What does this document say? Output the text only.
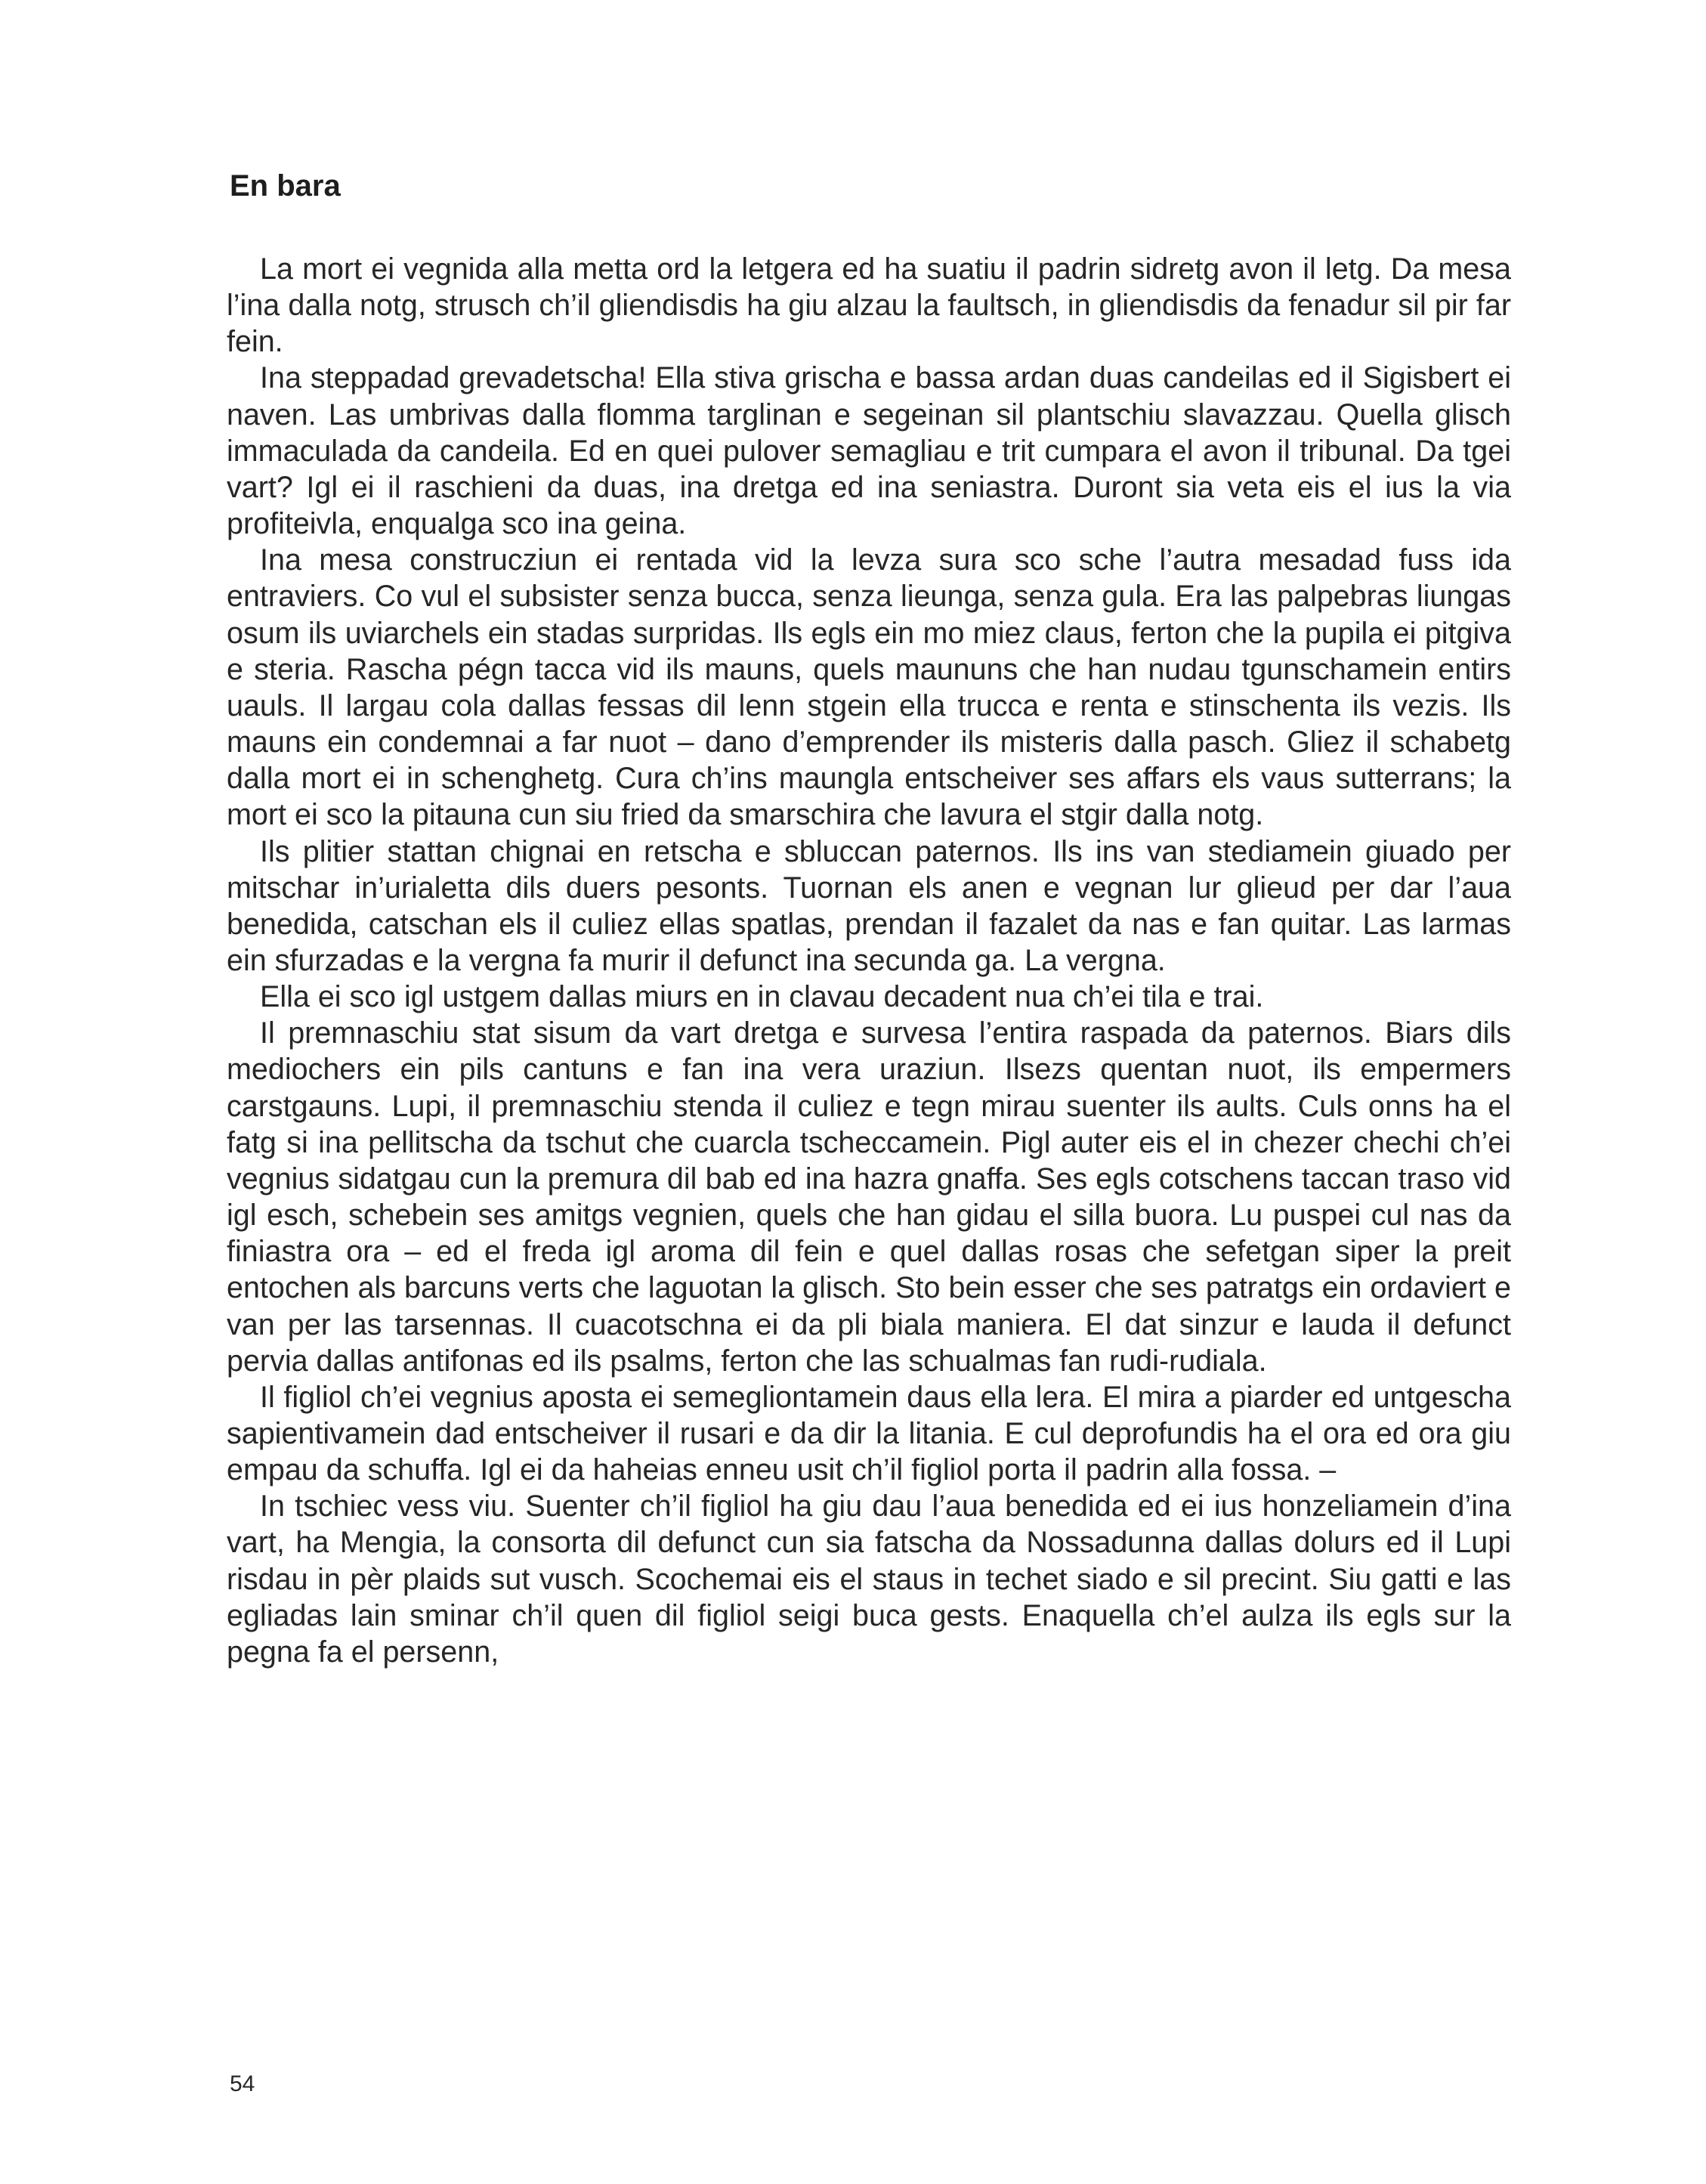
En bara

La mort ei vegnida alla metta ord la letgera ed ha suatiu il padrin sidretg avon il letg. Da mesa l’ina dalla notg, strusch ch’il gliendisdis ha giu alzau la faultsch, in gliendisdis da fenadur sil pir far fein.

Ina steppadad grevadetscha! Ella stiva grischa e bassa ardan duas candeilas ed il Sigisbert ei naven. Las umbrivas dalla flomma targlinan e segeinan sil plantschiu slavazzau. Quella glisch immaculada da candeila. Ed en quei pulover semagliau e trit cumpara el avon il tribunal. Da tgei vart? Igl ei il raschieni da duas, ina dretga ed ina seniastra. Duront sia veta eis el ius la via profiteivla, enqualga sco ina geina.

Ina mesa construcziun ei rentada vid la levza sura sco sche l’autra mesadad fuss ida entraviers. Co vul el subsister senza bucca, senza lieunga, senza gula. Era las palpebras liungas osum ils uviarchels ein stadas surpridas. Ils egls ein mo miez claus, ferton che la pupila ei pitgiva e steria. Rascha pégn tacca vid ils mauns, quels maununs che han nudau tgunschamein entirs uauls. Il largau cola dallas fessas dil lenn stgein ella trucca e renta e stinschenta ils vezis. Ils mauns ein condemnai a far nuot – dano d’emprender ils misteris dalla pasch. Gliez il schabetg dalla mort ei in schenghetg. Cura ch’ins maungla entscheiver ses affars els vaus sutterrans; la mort ei sco la pitauna cun siu fried da smarschira che lavura el stgir dalla notg.

Ils plitier stattan chignai en retscha e sbluccan paternos. Ils ins van stediamein giuado per mitschar in’urialetta dils duers pesonts. Tuornan els anen e vegnan lur glieud per dar l’aua benedida, catschan els il culiez ellas spatlas, prendan il fazalet da nas e fan quitar. Las larmas ein sfurzadas e la vergna fa murir il defunct ina secunda ga. La vergna.

Ella ei sco igl ustgem dallas miurs en in clavau decadent nua ch’ei tila e trai.

Il premnaschiu stat sisum da vart dretga e survesa l’entira raspada da paternos. Biars dils mediochers ein pils cantuns e fan ina vera uraziun. Ilsezs quentan nuot, ils empermers carstgauns. Lupi, il premnaschiu stenda il culiez e tegn mirau suenter ils aults. Culs onns ha el fatg si ina pellitscha da tschut che cuarcla tschеccamein. Pigl auter eis el in chezer chechi ch’ei vegnius sidatgau cun la premura dil bab ed ina hazra gnaffa. Ses egls cotschens taccan traso vid igl esch, schebein ses amitgs vegnien, quels che han gidau el silla buora. Lu puspei cul nas da finiastra ora – ed el freda igl aroma dil fein e quel dallas rosas che sefetgan siper la preit entochen als barcuns verts che laguotan la glisch. Sto bein esser che ses patratgs ein ordaviert e van per las tarsennas. Il cuacotschna ei da pli biala maniera. El dat sinzur e lauda il defunct pervia dallas antifonas ed ils psalms, ferton che las schualmas fan rudi-rudiala.

Il figliol ch’ei vegnius aposta ei semegliontamein daus ella lera. El mira a piarder ed untgescha sapientivamein dad entscheiver il rusari e da dir la litania. E cul deprofundis ha el ora ed ora giu empau da schuffa. Igl ei da haheias enneu usit ch’il figliol porta il padrin alla fossa. –

In tschiec vess viu. Suenter ch’il figliol ha giu dau l’aua benedida ed ei ius honzeliamein d’ina vart, ha Mengia, la consorta dil defunct cun sia fatscha da Nossadunna dallas dolurs ed il Lupi risdau in pèr plaids sut vusch. Scochemai eis el staus in techet siado e sil precint. Siu gatti e las egliadas lain sminar ch’il quen dil figliol seigi buca gests. Enaquella ch’el aulza ils egls sur la pegna fa el persenn,

54
